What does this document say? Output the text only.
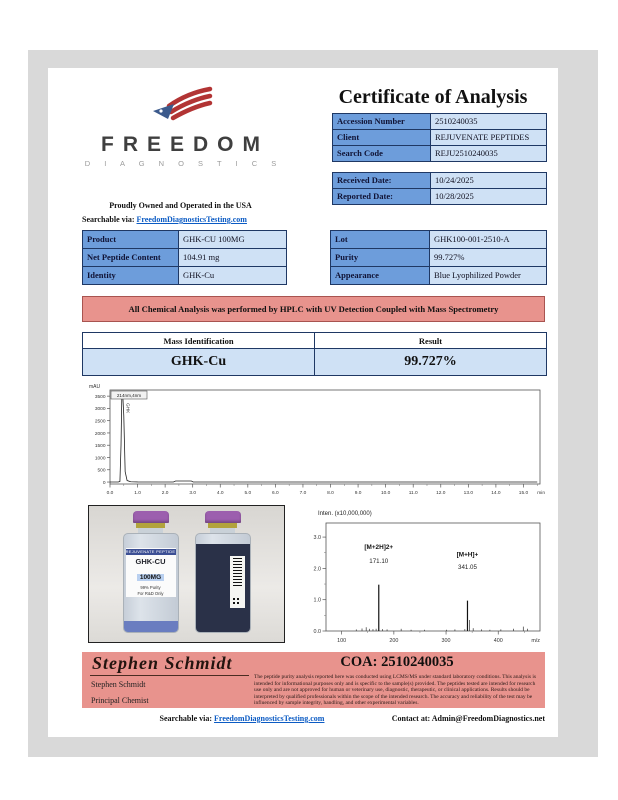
FREEDOM
D I A G N O S T I C S
Proudly Owned and Operated in the USA
Searchable via: FreedomDiagnosticsTesting.com
Certificate of Analysis
Accession Number	2510240035
Client	REJUVENATE PEPTIDES
Search Code	REJU2510240035
Received Date:	10/24/2025
Reported Date:	10/28/2025
Product	GHK-CU 100MG
Net Peptide Content	104.91 mg
Identity	GHK-Cu
Lot	GHK100-001-2510-A
Purity	99.727%
Appearance	Blue Lyophilized Powder
All Chemical Analysis was performed by HPLC with UV Detection Coupled with Mass Spectrometry
Mass Identification	Result
GHK-Cu	99.727%
mAU
0
500
1000
1500
2000
2500
3000
3500
0.0	1.0	2.0	3.0	4.0	5.0	6.0	7.0	8.0	9.0	10.0	11.0	12.0	13.0	14.0	15.0 min
214nm,4nm
GHK
REJUVENATE PEPTIDE
GHK-CU
100MG
99% Purity
For R&D Only
Inten. (x10,000,000)
0.0
1.0
2.0
3.0
100	200	300	400	m/z
[M+2H]2+
171.10
[M+H]+
341.05
Stephen Schmidt
Stephen Schmidt
Principal Chemist
COA: 2510240035
The peptide purity analysis reported here was conducted using LCMS/MS under standard laboratory conditions. This analysis is intended for informational purposes only and is specific to the sample(s) provided. The peptides tested are intended for research use only and are not approved for human or veterinary use, diagnostic, therapeutic, or clinical applications. Results should be interpreted by qualified professionals within the scope of the intended research. The accuracy and reliability of the test may be influenced by sample integrity, handling, and other experimental variables.
Searchable via: FreedomDiagnosticsTesting.com	Contact at: Admin@FreedomDiagnostics.net
